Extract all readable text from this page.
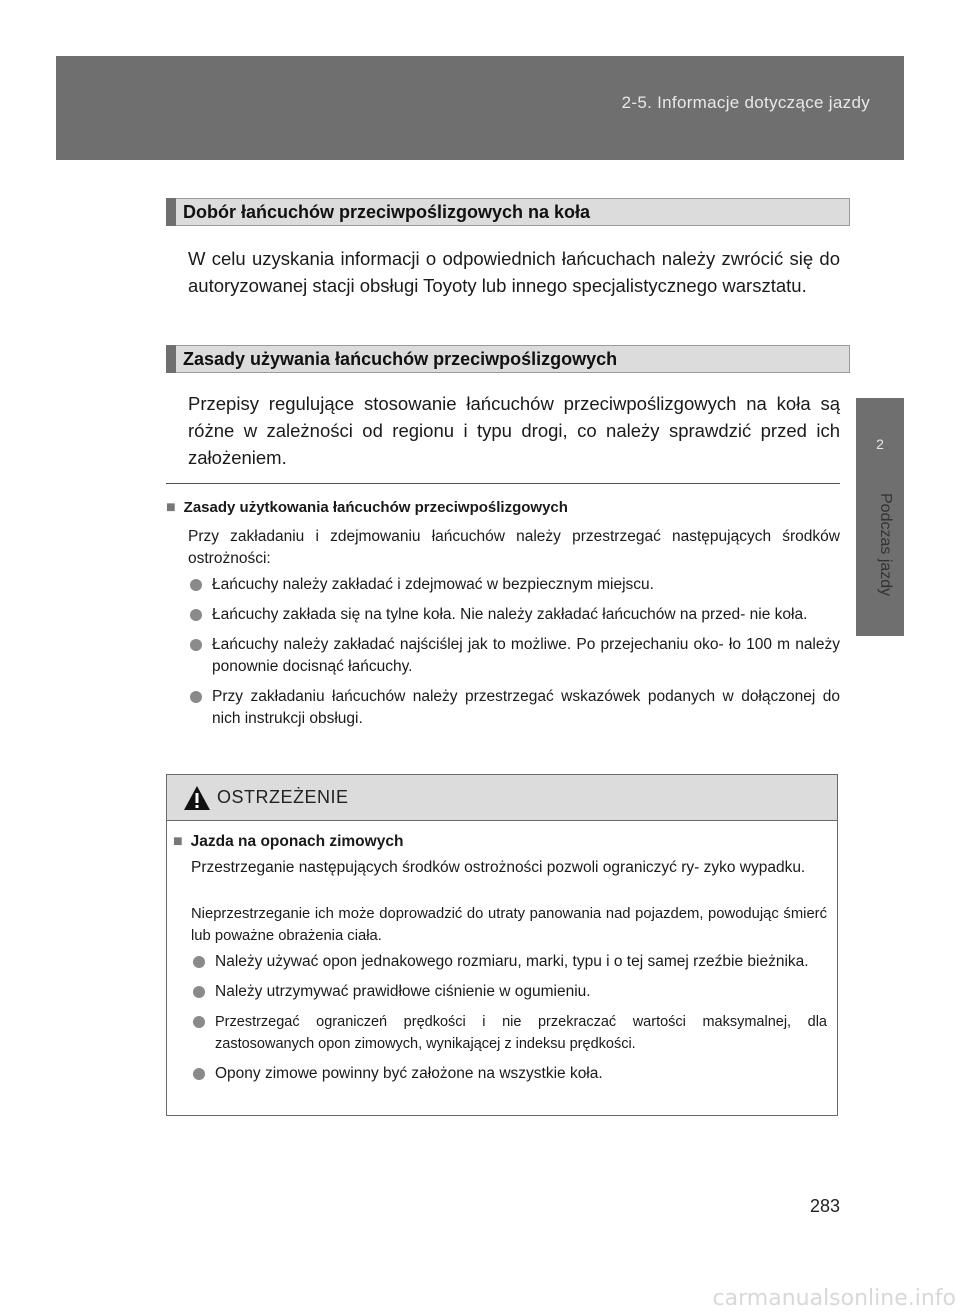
2-5. Informacje dotyczące jazdy
2
Podczas jazdy
Dobór łańcuchów przeciwpoślizgowych na koła
W celu uzyskania informacji o odpowiednich łańcuchach należy zwrócić się do autoryzowanej stacji obsługi Toyoty lub innego specjalistycznego warsztatu.
Zasady używania łańcuchów przeciwpoślizgowych
Przepisy regulujące stosowanie łańcuchów przeciwpoślizgowych na koła są różne w zależności od regionu i typu drogi, co należy sprawdzić przed ich założeniem.
■ Zasady użytkowania łańcuchów przeciwpoślizgowych
Przy zakładaniu i zdejmowaniu łańcuchów należy przestrzegać następujących środków ostrożności:
Łańcuchy należy zakładać i zdejmować w bezpiecznym miejscu.
Łańcuchy zakłada się na tylne koła. Nie należy zakładać łańcuchów na przed- nie koła.
Łańcuchy należy zakładać najściślej jak to możliwe. Po przejechaniu oko- ło 100 m należy ponownie docisnąć łańcuchy.
Przy zakładaniu łańcuchów należy przestrzegać wskazówek podanych w dołączonej do nich instrukcji obsługi.
OSTRZEŻENIE
■ Jazda na oponach zimowych
Przestrzeganie następujących środków ostrożności pozwoli ograniczyć ry- zyko wypadku.
Nieprzestrzeganie ich może doprowadzić do utraty panowania nad pojazdem, powodując śmierć lub poważne obrażenia ciała.
Należy używać opon jednakowego rozmiaru, marki, typu i o tej samej rzeźbie bieżnika.
Należy utrzymywać prawidłowe ciśnienie w ogumieniu.
Przestrzegać ograniczeń prędkości i nie przekraczać wartości maksymalnej, dla zastosowanych opon zimowych, wynikającej z indeksu prędkości.
Opony zimowe powinny być założone na wszystkie koła.
283
carmanualsonline.info
